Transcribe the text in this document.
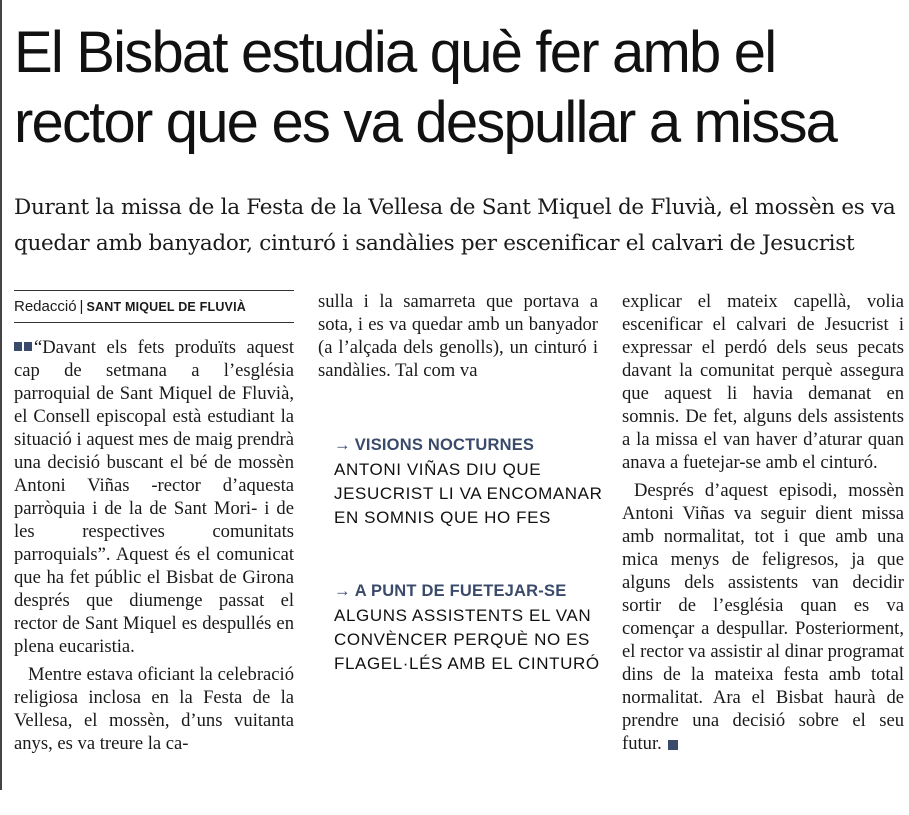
El Bisbat estudia què fer amb el rector que es va despullar a missa

Durant la missa de la Festa de la Vellesa de Sant Miquel de Fluvià, el mossèn es va quedar amb banyador, cinturó i sandàlies per escenificar el calvari de Jesucrist

Redacció | SANT MIQUEL DE FLUVIÀ

“Davant els fets produïts aquest cap de setmana a l’església parroquial de Sant Miquel de Fluvià, el Consell episcopal està estudiant la situació i aquest mes de maig prendrà una decisió buscant el bé de mossèn Antoni Viñas -rector d’aquesta parròquia i de la de Sant Mori- i de les respectives comunitats parroquials”. Aquest és el comunicat que ha fet públic el Bisbat de Girona després que diumenge passat el rector de Sant Miquel es despullés en plena eucaristia.

Mentre estava oficiant la celebració religiosa inclosa en la Festa de la Vellesa, el mossèn, d’uns vuitanta anys, es va treure la ca-

sulla i la samarreta que portava a sota, i es va quedar amb un banyador (a l’alçada dels genolls), un cinturó i sandàlies. Tal com va

→ VISIONS NOCTURNES
ANTONI VIÑAS DIU QUE JESUCRIST LI VA ENCOMANAR EN SOMNIS QUE HO FES
→ A PUNT DE FUETEJAR-SE
ALGUNS ASSISTENTS EL VAN CONVÈNCER PERQUÈ NO ES FLAGEL·LÉS AMB EL CINTURÓ

explicar el mateix capellà, volia escenificar el calvari de Jesucrist i expressar el perdó dels seus pecats davant la comunitat perquè assegura que aquest li havia demanat en somnis. De fet, alguns dels assistents a la missa el van haver d’aturar quan anava a fuetejar-se amb el cinturó.

Després d’aquest episodi, mossèn Antoni Viñas va seguir dient missa amb normalitat, tot i que amb una mica menys de feligresos, ja que alguns dels assistents van decidir sortir de l’església quan es va començar a despullar. Posteriorment, el rector va assistir al dinar programat dins de la mateixa festa amb total normalitat. Ara el Bisbat haurà de prendre una decisió sobre el seu futur.
